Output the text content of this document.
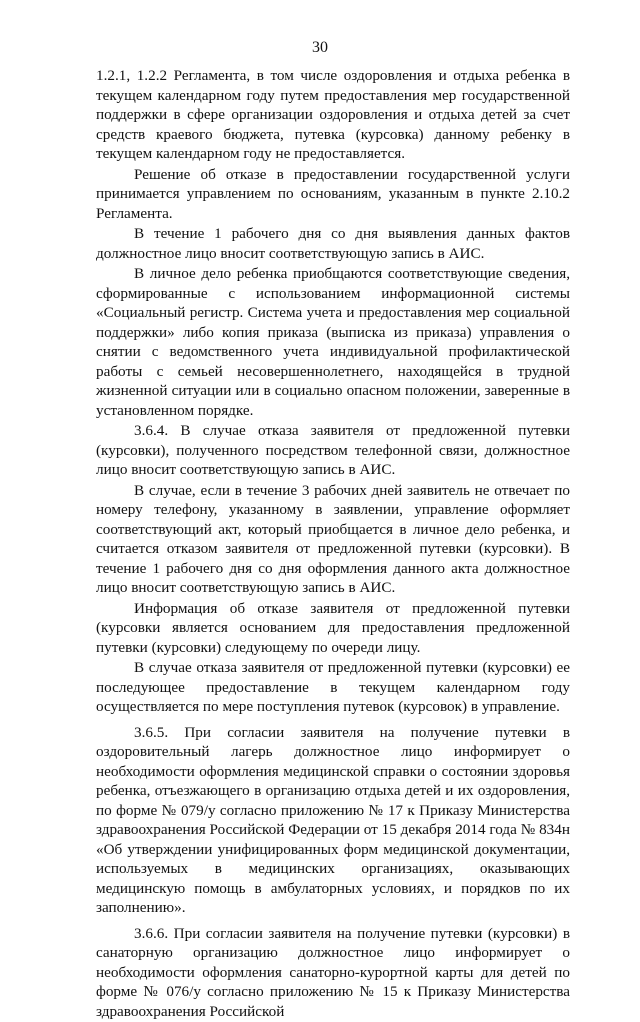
30

1.2.1, 1.2.2 Регламента, в том числе оздоровления и отдыха ребенка в текущем календарном году путем предоставления мер государственной поддержки в сфере организации оздоровления и отдыха детей за счет средств краевого бюджета, путевка (курсовка) данному ребенку в текущем календарном году не предоставляется.

Решение об отказе в предоставлении государственной услуги принимается управлением по основаниям, указанным в пункте 2.10.2 Регламента.

В течение 1 рабочего дня со дня выявления данных фактов должностное лицо вносит соответствующую запись в АИС.

В личное дело ребенка приобщаются соответствующие сведения, сформированные с использованием информационной системы «Социальный регистр. Система учета и предоставления мер социальной поддержки» либо копия приказа (выписка из приказа) управления о снятии с ведомственного учета индивидуальной профилактической работы с семьей несовершеннолетнего, находящейся в трудной жизненной ситуации или в социально опасном положении, заверенные в установленном порядке.

3.6.4. В случае отказа заявителя от предложенной путевки (курсовки), полученного посредством телефонной связи, должностное лицо вносит соответствующую запись в АИС.

В случае, если в течение 3 рабочих дней заявитель не отвечает по номеру телефону, указанному в заявлении, управление оформляет соответствующий акт, который приобщается в личное дело ребенка, и считается отказом заявителя от предложенной путевки (курсовки). В течение 1 рабочего дня со дня оформления данного акта должностное лицо вносит соответствующую запись в АИС.

Информация об отказе заявителя от предложенной путевки (курсовки является основанием для предоставления предложенной путевки (курсовки) следующему по очереди лицу.

В случае отказа заявителя от предложенной путевки (курсовки) ее последующее предоставление в текущем календарном году осуществляется по мере поступления путевок (курсовок) в управление.

3.6.5. При согласии заявителя на получение путевки в оздоровительный лагерь должностное лицо информирует о необходимости оформления медицинской справки о состоянии здоровья ребенка, отъезжающего в организацию отдыха детей и их оздоровления, по форме № 079/у согласно приложению № 17 к Приказу Министерства здравоохранения Российской Федерации от 15 декабря 2014 года № 834н «Об утверждении унифицированных форм медицинской документации, используемых в медицинских организациях, оказывающих медицинскую помощь в амбулаторных условиях, и порядков по их заполнению».

3.6.6. При согласии заявителя на получение путевки (курсовки) в санаторную организацию должностное лицо информирует о необходимости оформления санаторно-курортной карты для детей по форме № 076/у согласно приложению № 15 к Приказу Министерства здравоохранения Российской
